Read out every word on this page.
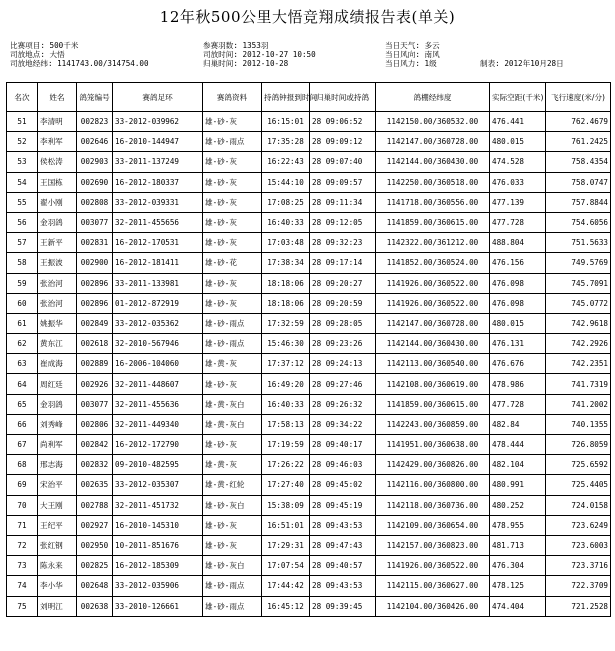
12年秋500公里大悟竞翔成绩报告表(单关)
比赛项目: 500千米
司放地点: 大悟
司放地经纬: 1141743.00/314754.00
参赛羽数: 1353羽
司放时间: 2012-10-27 10:50
归巢时间: 2012-10-28
当日天气: 多云
当日风向: 南风
当日风力: 1级	制表: 2012年10月28日
名次	姓名	鸽笼编号	赛鸽足环	赛鸽资料	持鸽钟报到时间	归巢时间或持鸽	鸽棚经纬度	实际空距(千米)	飞行速度(米/分)
51	李清明	002823	33-2012-039962	雄-砂-灰	16:15:01	28 09:06:52	1142150.00/360532.00	476.441	762.4679
52	李利军	002646	16-2010-144947	雄-砂-雨点	17:35:28	28 09:09:12	1142147.00/360728.00	480.015	761.2425
53	侯松涛	002903	33-2011-137249	雄-砂-灰	16:22:43	28 09:07:40	1142144.00/360430.00	474.528	758.4354
54	王国栋	002690	16-2012-180337	雄-砂-灰	15:44:10	28 09:09:57	1142250.00/360518.00	476.033	758.0747
55	翟小刚	002808	33-2012-039331	雄-砂-灰	17:08:25	28 09:11:34	1141718.00/360556.00	477.139	757.8844
56	金羽鸽	003077	32-2011-455656	雄-砂-灰	16:40:33	28 09:12:05	1141859.00/360615.00	477.728	754.6056
57	王新平	002831	16-2012-170531	雄-砂-灰	17:03:48	28 09:32:23	1142322.00/361212.00	488.804	751.5633
58	王振波	002900	16-2012-181411	雄-砂-花	17:38:34	28 09:17:14	1141852.00/360524.00	476.156	749.5769
59	张治河	002896	33-2011-133981	雄-砂-灰	18:18:06	28 09:20:27	1141926.00/360522.00	476.098	745.7091
60	张治河	002896	01-2012-872919	雄-砂-灰	18:18:06	28 09:20:59	1141926.00/360522.00	476.098	745.0772
61	姚振华	002849	33-2012-035362	雄-砂-雨点	17:32:59	28 09:28:05	1142147.00/360728.00	480.015	742.9618
62	黄东江	002618	32-2010-567946	雄-砂-雨点	15:46:30	28 09:23:26	1142144.00/360430.00	476.131	742.2926
63	崔成海	002889	16-2006-104060	雄-黄-灰	17:37:12	28 09:24:13	1142113.00/360540.00	476.676	742.2351
64	周红廷	002926	32-2011-448607	雄-砂-灰	16:49:20	28 09:27:46	1142108.00/360619.00	478.986	741.7319
65	金羽鸽	003077	32-2011-455636	雄-黄-灰白	16:40:33	28 09:26:32	1141859.00/360615.00	477.728	741.2002
66	刘秀峰	002806	32-2011-449340	雄-黄-灰白	17:58:13	28 09:34:22	1142243.00/360859.00	482.84	740.1355
67	尚利军	002842	16-2012-172790	雄-砂-灰	17:19:59	28 09:40:17	1141951.00/360638.00	478.444	726.8059
68	邢志海	002832	09-2010-482595	雄-黄-灰	17:26:22	28 09:46:03	1142429.00/360826.00	482.104	725.6592
69	宋治平	002635	33-2012-035307	雄-黄-红轮	17:27:40	28 09:45:02	1142116.00/360800.00	480.991	725.4405
70	大王刚	002788	32-2011-451732	雄-砂-灰白	15:38:09	28 09:45:19	1142118.00/360736.00	480.252	724.0158
71	王纪平	002927	16-2010-145310	雄-砂-灰	16:51:01	28 09:43:53	1142109.00/360654.00	478.955	723.6249
72	张红钢	002950	10-2011-851676	雄-砂-灰	17:29:31	28 09:47:43	1142157.00/360823.00	481.713	723.6003
73	陈永来	002825	16-2012-185309	雄-砂-灰白	17:07:54	28 09:40:57	1141926.00/360522.00	476.304	723.3716
74	李小华	002648	33-2012-035906	雄-砂-雨点	17:44:42	28 09:43:53	1142115.00/360627.00	478.125	722.3709
75	刘明江	002638	33-2010-126661	雄-砂-雨点	16:45:12	28 09:39:45	1142104.00/360426.00	474.404	721.2528
